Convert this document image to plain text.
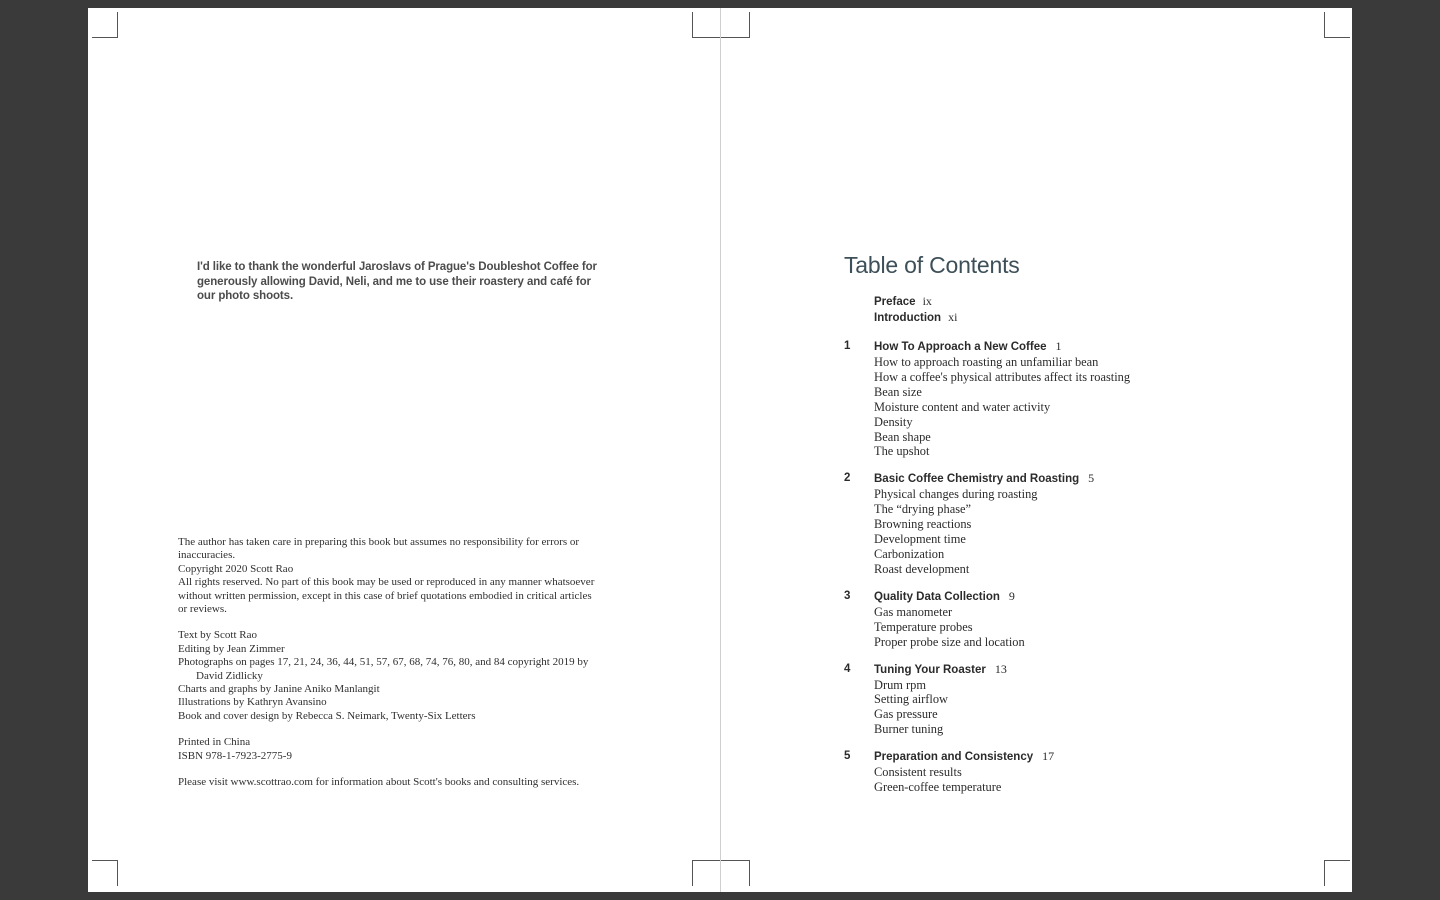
I'd like to thank the wonderful Jaroslavs of Prague's Doubleshot Coffee for generously allowing David, Neli, and me to use their roastery and café for our photo shoots.

The author has taken care in preparing this book but assumes no responsibility for errors or inaccuracies.

Copyright 2020 Scott Rao

All rights reserved. No part of this book may be used or reproduced in any manner whatsoever without written permission, except in this case of brief quotations embodied in critical articles or reviews.

Text by Scott Rao

Editing by Jean Zimmer

Photographs on pages 17, 21, 24, 36, 44, 51, 57, 67, 68, 74, 76, 80, and 84 copyright 2019 by

David Zidlicky

Charts and graphs by Janine Aniko Manlangit

Illustrations by Kathryn Avansino

Book and cover design by Rebecca S. Neimark, Twenty-Six Letters

Printed in China

ISBN 978-1-7923-2775-9

Please visit www.scottrao.com for information about Scott's books and consulting services.

Table of Contents
Preface ix
Introduction xi
1	How To Approach a New Coffee 1
How to approach roasting an unfamiliar bean
How a coffee's physical attributes affect its roasting
Bean size
Moisture content and water activity
Density
Bean shape
The upshot
2	Basic Coffee Chemistry and Roasting 5
Physical changes during roasting
The “drying phase”
Browning reactions
Development time
Carbonization
Roast development
3	Quality Data Collection 9
Gas manometer
Temperature probes
Proper probe size and location
4	Tuning Your Roaster 13
Drum rpm
Setting airflow
Gas pressure
Burner tuning
5	Preparation and Consistency 17
Consistent results
Green-coffee temperature
